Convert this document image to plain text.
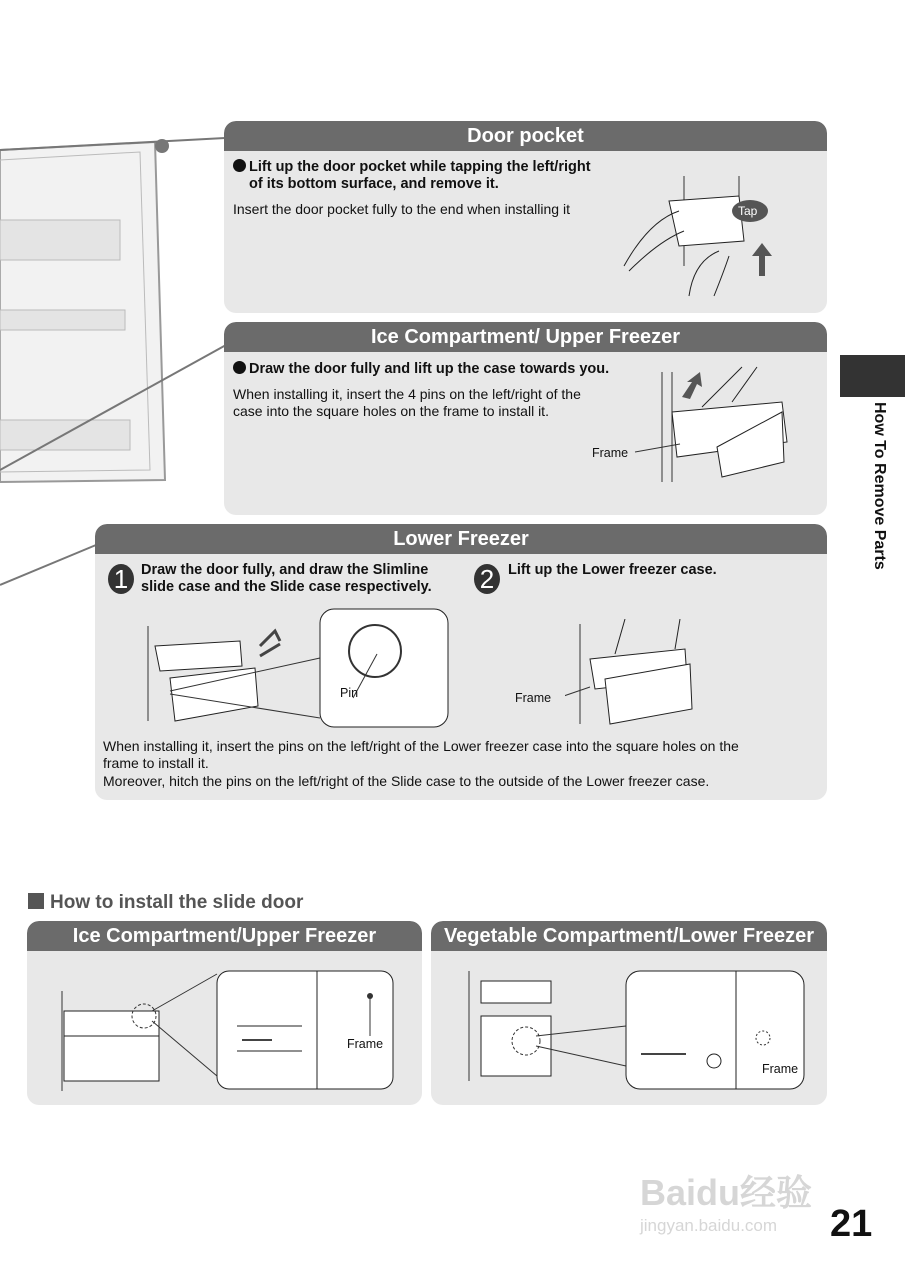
Door pocket
Lift up the door pocket while tapping the left/right
of its bottom surface, and remove it.
Insert the door pocket fully to the end when installing it	Tap
Ice Compartment/ Upper Freezer
Draw the door fully and lift up the case towards you.
When installing it, insert the 4 pins on the left/right of the
case into the square holes on the frame to install it.
Frame
Lower Freezer
1 Draw the door fully, and draw the Slimline
slide case and the Slide case respectively. 2 Lift up the Lower freezer case.
Pin	Frame
When installing it, insert the pins on the left/right of the Lower freezer case into the square holes on the
frame to install it.
Moreover, hitch the pins on the left/right of the Slide case to the outside of the Lower freezer case.
How To Remove Parts
How to install the slide door
Ice Compartment/Upper Freezer
Frame
Vegetable Compartment/Lower Freezer
Frame
Baidu经验
jingyan.baidu.com	21
